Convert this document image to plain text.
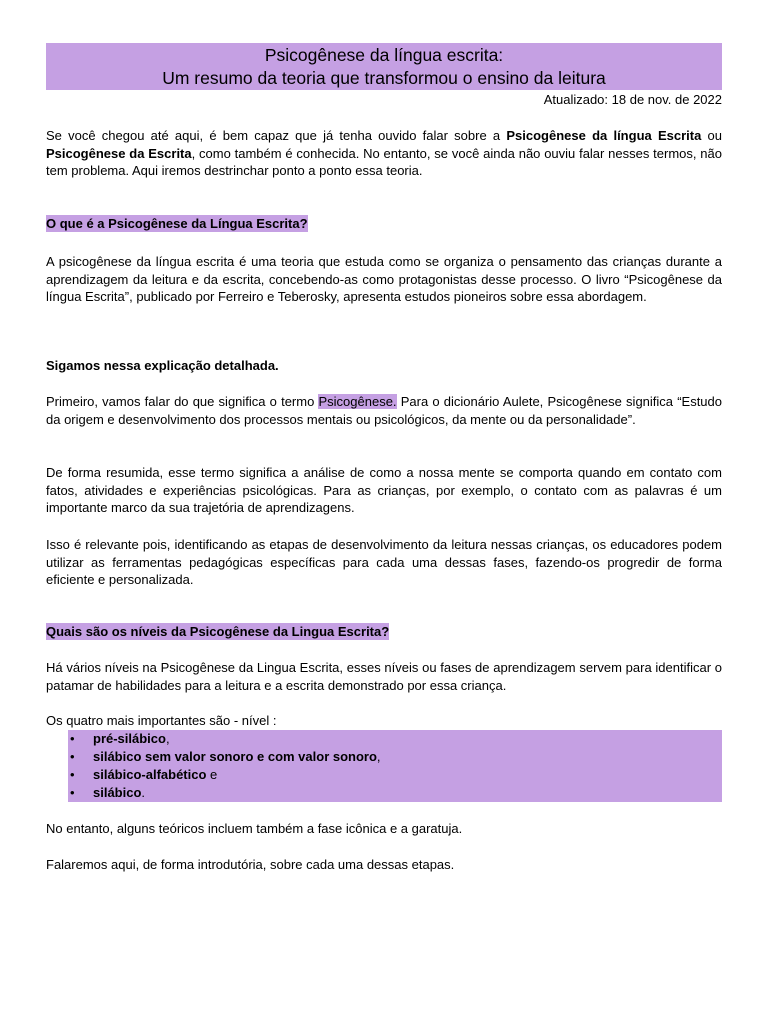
Psicogênese da língua escrita:
Um resumo da teoria que transformou o ensino da leitura
Atualizado: 18 de nov. de 2022

Se você chegou até aqui, é bem capaz que já tenha ouvido falar sobre a Psicogênese da língua Escrita ou Psicogênese da Escrita, como também é conhecida. No entanto, se você ainda não ouviu falar nesses termos, não tem problema. Aqui iremos destrinchar ponto a ponto essa teoria.

O que é a Psicogênese da Língua Escrita?

A psicogênese da língua escrita é uma teoria que estuda como se organiza o pensamento das crianças durante a aprendizagem da leitura e da escrita, concebendo-as como protagonistas desse processo. O livro “Psicogênese da língua Escrita”, publicado por Ferreiro e Teberosky, apresenta estudos pioneiros sobre essa abordagem.

Sigamos nessa explicação detalhada.

Primeiro, vamos falar do que significa o termo Psicogênese. Para o dicionário Aulete, Psicogênese significa “Estudo da origem e desenvolvimento dos processos mentais ou psicológicos, da mente ou da personalidade”.

De forma resumida, esse termo significa a análise de como a nossa mente se comporta quando em contato com fatos, atividades e experiências psicológicas. Para as crianças, por exemplo, o contato com as palavras é um importante marco da sua trajetória de aprendizagens.

Isso é relevante pois, identificando as etapas de desenvolvimento da leitura nessas crianças, os educadores podem utilizar as ferramentas pedagógicas específicas para cada uma dessas fases, fazendo-os progredir de forma eficiente e personalizada.

Quais são os níveis da Psicogênese da Lingua Escrita?

Há vários níveis na Psicogênese da Lingua Escrita, esses níveis ou fases de aprendizagem servem para identificar o patamar de habilidades para a leitura e a escrita demonstrado por essa criança.

Os quatro mais importantes são - nível :

• pré-silábico,
• silábico sem valor sonoro e com valor sonoro,
• silábico-alfabético e
• silábico.

No entanto, alguns teóricos incluem também a fase icônica e a garatuja.

Falaremos aqui, de forma introdutória, sobre cada uma dessas etapas.
